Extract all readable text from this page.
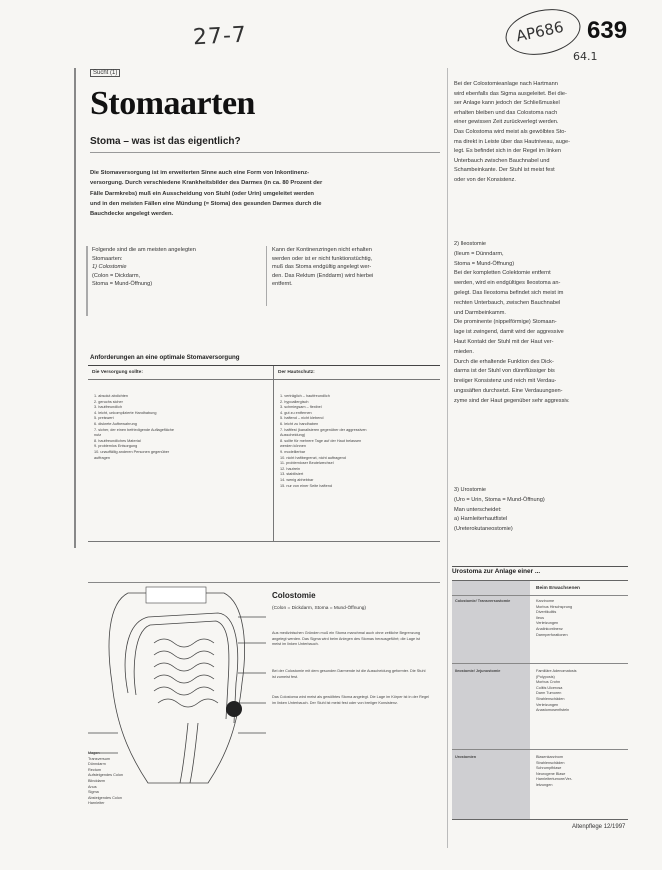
27-7	AP686
64.1
639
Sucht (1)
Stomaarten
Stoma – was ist das eigentlich?
Die Stomaversorgung ist im erweiterten Sinne auch eine Form von Inkontinenz-
versorgung. Durch verschiedene Krankheitsbilder des Darmes (in ca. 80 Prozent der
Fälle Darmkrebs) muß ein Ausscheidung von Stuhl (oder Urin) umgeleitet werden
und in den meisten Fällen eine Mündung (= Stoma) des gesunden Darmes durch die
Bauchdecke angelegt werden.
Folgende sind die am meisten angelegten
Stomaarten:
1) Colostomie
(Colon = Dickdarm,
Stoma = Mund-Öffnung)
Kann der Kontinenzringen nicht erhalten
werden oder ist er nicht funktionstüchtig,
muß das Stoma endgültig angelegt wer-
den. Das Rektum (Enddarm) wird hierbei
entfernt.
Anforderungen an eine optimale Stomaversorgung
Die Versorgung sollte:	Der Hautschutz:
1. absolut abdichten
2. geruchs sicher
3. hautfreundlich
4. leicht, unkomplizierte Handhabung
5. preiswert
6. diskrete Aufbewahrung
7. sicher, der einen befriedigende Auflagefläche
nutz
8. hautfreundliches Material
9. problemlos Entsorgung
10. unauffällig anderen Personen gegenüber
auffragen
1. verträglich – hautfreundlich
2. hypoallergisch
3. schmiegsam – flexibel
4. gut zu entfernen
5. haftend – nicht klebend
6. leicht zu handhaben
7. haftfest (kanalisieren gegenüber der aggressiven
Ausscheidung)
8. sollte für mehrere Tage auf der Haut belassen
werden können
9. modellierbar
10. nicht haftbegrenzt, nicht auftragend
11. problemloser Beutelwechsel
12. hautrein
13. stabilisiert
14. wenig abhebbar
15. nur von einer Seite haftend
Bei der Colostomieanlage nach Hartmann
wird ebenfalls das Sigma ausgeleitet. Bei die-
ser Anlage kann jedoch der Schließmuskel
erhalten bleiben und das Colostoma nach
einer gewissen Zeit zurückverlegt werden.
Das Colostoma wird meist als gewölbtes Sto-
ma direkt in Leiste über das Hautniveau, auge-
legt. Es befindet sich in der Regel im linken
Unterbauch zwischen Bauchnabel und
Schambeinkante. Der Stuhl ist meist fest
oder von der Konsistenz.
2) Ileostomie
(Ileum = Dünndarm,
Stoma = Mund-Öffnung)
Bei der kompletten Colektomie entfernt
werden, wird ein endgültiges Ileostoma an-
gelegt. Das Ileostoma befindet sich meist im
rechten Unterbauch, zwischen Bauchnabel
und Darmbeinkamm.
Die prominente (nippelförmige) Stomaan-
lage ist zwingend, damit wird der aggressive
Haut Kontakt der Stuhl mit der Haut ver-
mieden.
Durch die erhaltende Funktion des Dick-
darms ist der Stuhl von dünnflüssiger bis
breiiger Konsistenz und reich mit Verdau-
ungssäften durchsetzt. Eine Verdauungsen-
zyme sind der Haut gegenüber sehr aggressiv.
3) Urostomie
(Uro = Urin, Stoma = Mund-Öffnung)
Man unterscheidet:
a) Harnleiterhautfistel
(Ureterokutaneostomie)
Magen
Transversum
Dünndarm
Rectum
Aufsteigendes Colon
Blinddarm
Anus
Sigma
Absteigendes Colon
Harnleiter
Colostomie
(Colon = Dickdarm, Stoma = Mund-Öffnung)
Aus medizinischen Gründen muß ein Stoma manchmal auch ohne zeitliche Begrenzung angelegt werden. Das Sigma wird beim Anlegen des Stomas herausgeführt; die Lage ist meist im linken Unterbauch.
Bei der Colostomie mit dem gesunden Darmende ist die Ausscheidung geformter. Die Stuhl ist zumeist fest.
Das Colostoma wird meist als gewölbtes Stoma angelegt. Die Lage im Körper ist in der Regel im linken Unterbauch. Der Stuhl ist meist fest oder von breiiger Konsistenz.
Urostoma zur Anlage einer ...
Beim Erwachsenen
Colostomie/ Transversostomie	Karzinome
Morbus Hirschsprung
Divertikulitis
Ileus
Verletzungen
Analinkontinenz
Darmperforationen
Ileostomie/ Jejunostomie	Familiäre Adenomatosis
(Polyposis)
Morbus Crohn
Colitis Ulcerosa
Darm Tumoren
Strahlenschäden
Verletzungen
Anastomosenfisteln
Urostomien	Blasenkarzinom
Strahlenschäden
Schrumpfblase
Neurogene Blase
Harnleitertumore/Ver-
letzungen
Altenpflege 12/1997
